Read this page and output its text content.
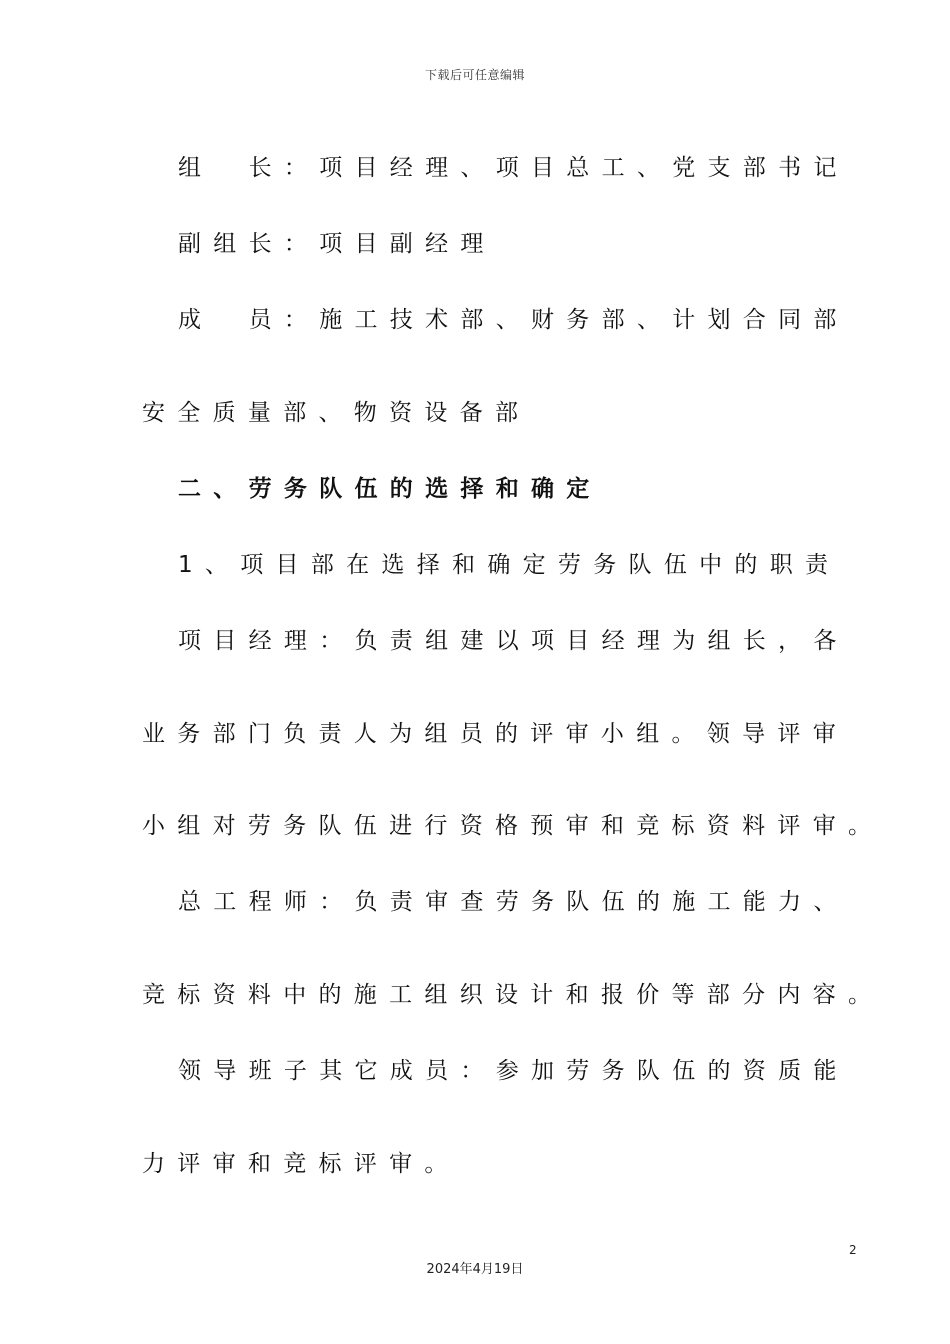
下载后可任意编辑
组　长：项目经理、项目总工、党支部书记
副组长：项目副经理
成　员：施工技术部、财务部、计划合同部
安全质量部、物资设备部
二、劳务队伍的选择和确定
1、项目部在选择和确定劳务队伍中的职责
项目经理：负责组建以项目经理为组长，各
业务部门负责人为组员的评审小组。领导评审
小组对劳务队伍进行资格预审和竞标资料评审。
总工程师：负责审查劳务队伍的施工能力、
竞标资料中的施工组织设计和报价等部分内容。
领导班子其它成员：参加劳务队伍的资质能
力评审和竞标评审。
2
2024年4月19日
